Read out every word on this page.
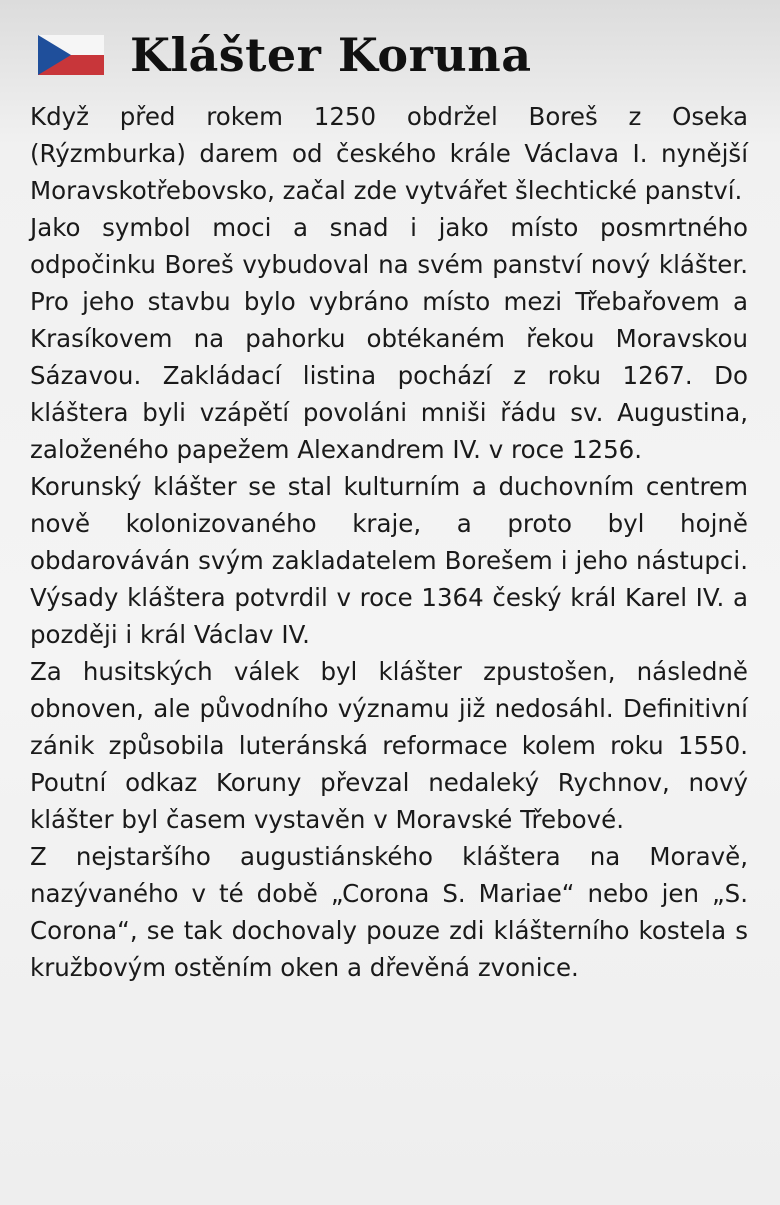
Klášter Koruna

Když před rokem 1250 obdržel Boreš z Oseka (Rýzmburka) darem od českého krále Václava I. nynější Moravskotřebovsko, začal zde vytvářet šlechtické panství.

Jako symbol moci a snad i jako místo posmrtného odpočinku Boreš vybudoval na svém panství nový klášter. Pro jeho stavbu bylo vybráno místo mezi Třebařovem a Krasíkovem na pahorku obtékaném řekou Moravskou Sázavou. Zakládací listina pochází z roku 1267. Do kláštera byli vzápětí povoláni mniši řádu sv. Augustina, založeného papežem Alexandrem IV. v roce 1256.

Korunský klášter se stal kulturním a duchovním centrem nově kolonizovaného kraje, a proto byl hojně obdarováván svým zakladatelem Borešem i jeho nástupci. Výsady kláštera potvrdil v roce 1364 český král Karel IV. a později i král Václav IV.

Za husitských válek byl klášter zpustošen, následně obnoven, ale původního významu již nedosáhl. Definitivní zánik způsobila luteránská reformace kolem roku 1550. Poutní odkaz Koruny převzal nedaleký Rychnov, nový klášter byl časem vystavěn v Moravské Třebové.

Z nejstaršího augustiánského kláštera na Moravě, nazývaného v té době „Corona S. Mariae“ nebo jen „S. Corona“, se tak dochovaly pouze zdi klášterního kostela s kružbovým ostěním oken a dřevěná zvonice.
